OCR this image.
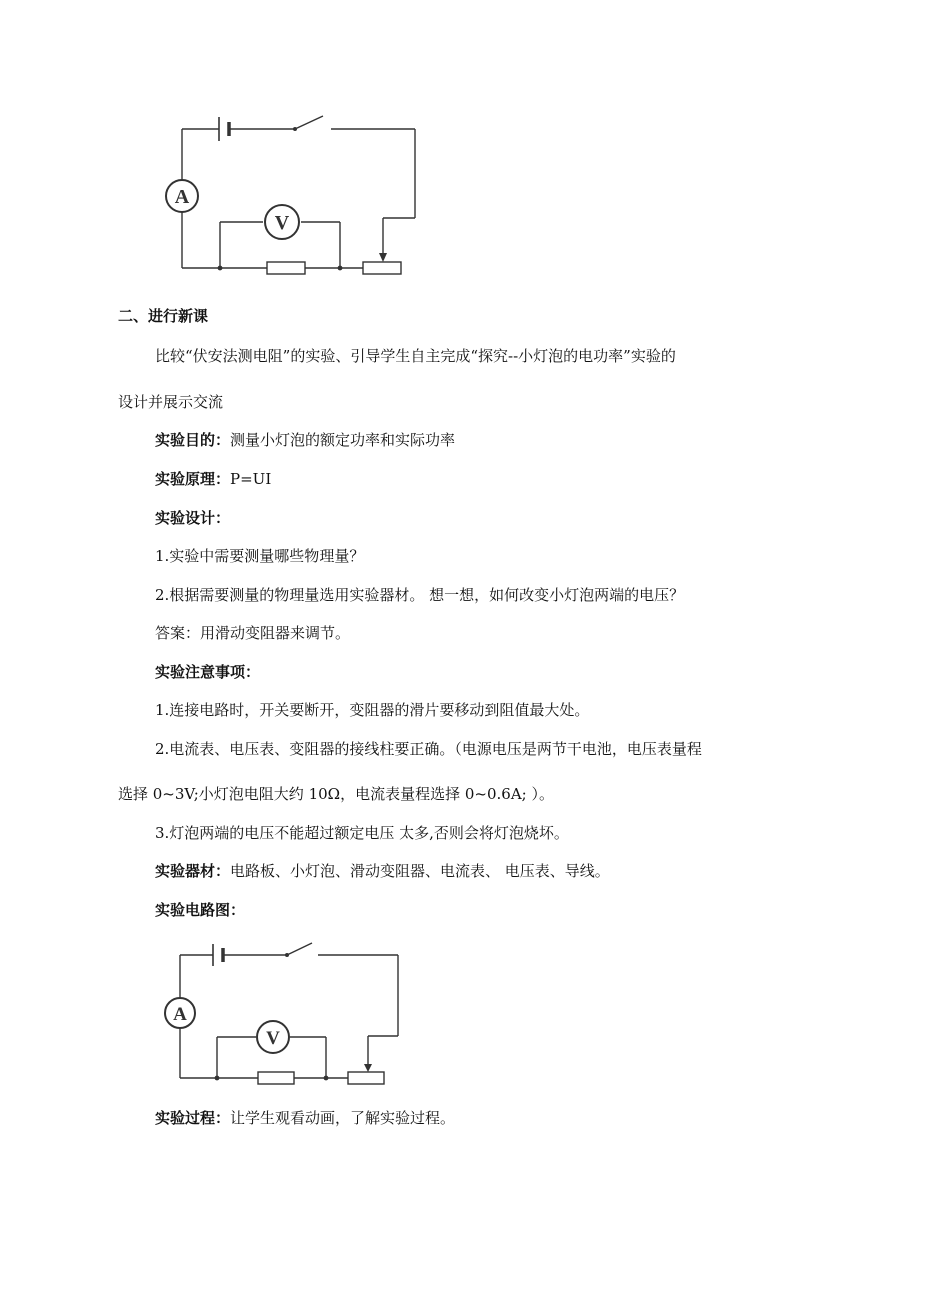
A
V
二、进行新课
比较“伏安法测电阻”的实验、引导学生自主完成“探究--小灯泡的电功率”实验的
设计并展示交流
实验目的：测量小灯泡的额定功率和实际功率
实验原理：P=UI
实验设计：
1.实验中需要测量哪些物理量？
2.根据需要测量的物理量选用实验器材。 想一想，如何改变小灯泡两端的电压？
答案：用滑动变阻器来调节。
实验注意事项：
1.连接电路时，开关要断开，变阻器的滑片要移动到阻值最大处。
2.电流表、电压表、变阻器的接线柱要正确。（电源电压是两节干电池，电压表量程
选择 0~3V;小灯泡电阻大约 10Ω，电流表量程选择 0~0.6A; ）。
3.灯泡两端的电压不能超过额定电压 太多,否则会将灯泡烧坏。
实验器材：电路板、小灯泡、滑动变阻器、电流表、 电压表、导线。
实验电路图：
A
V
实验过程：让学生观看动画，了解实验过程。
